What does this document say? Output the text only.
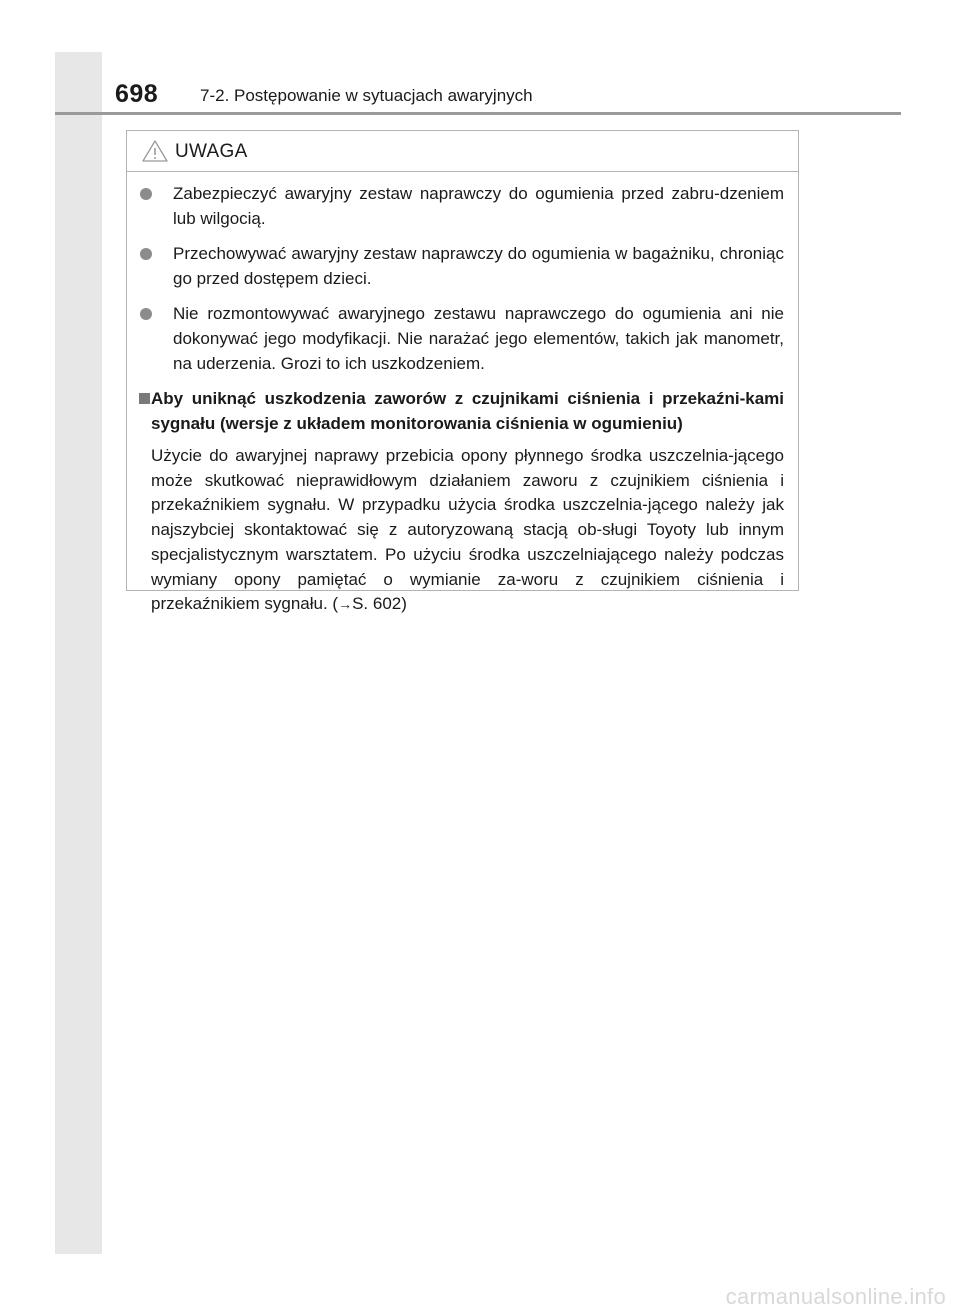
698 7-2. Postępowanie w sytuacjach awaryjnych
UWAGA
Zabezpieczyć awaryjny zestaw naprawczy do ogumienia przed zabru-dzeniem lub wilgocią.
Przechowywać awaryjny zestaw naprawczy do ogumienia w bagażniku, chroniąc go przed dostępem dzieci.
Nie rozmontowywać awaryjnego zestawu naprawczego do ogumienia ani nie dokonywać jego modyfikacji. Nie narażać jego elementów, takich jak manometr, na uderzenia. Grozi to ich uszkodzeniem.
Aby uniknąć uszkodzenia zaworów z czujnikami ciśnienia i przekaźni-kami sygnału (wersje z układem monitorowania ciśnienia w ogumieniu)
Użycie do awaryjnej naprawy przebicia opony płynnego środka uszczelnia-jącego może skutkować nieprawidłowym działaniem zaworu z czujnikiem ciśnienia i przekaźnikiem sygnału. W przypadku użycia środka uszczelnia-jącego należy jak najszybciej skontaktować się z autoryzowaną stacją ob-sługi Toyoty lub innym specjalistycznym warsztatem. Po użyciu środka uszczelniającego należy podczas wymiany opony pamiętać o wymianie za-woru z czujnikiem ciśnienia i przekaźnikiem sygnału. (→S. 602)
carmanualsonline.info
